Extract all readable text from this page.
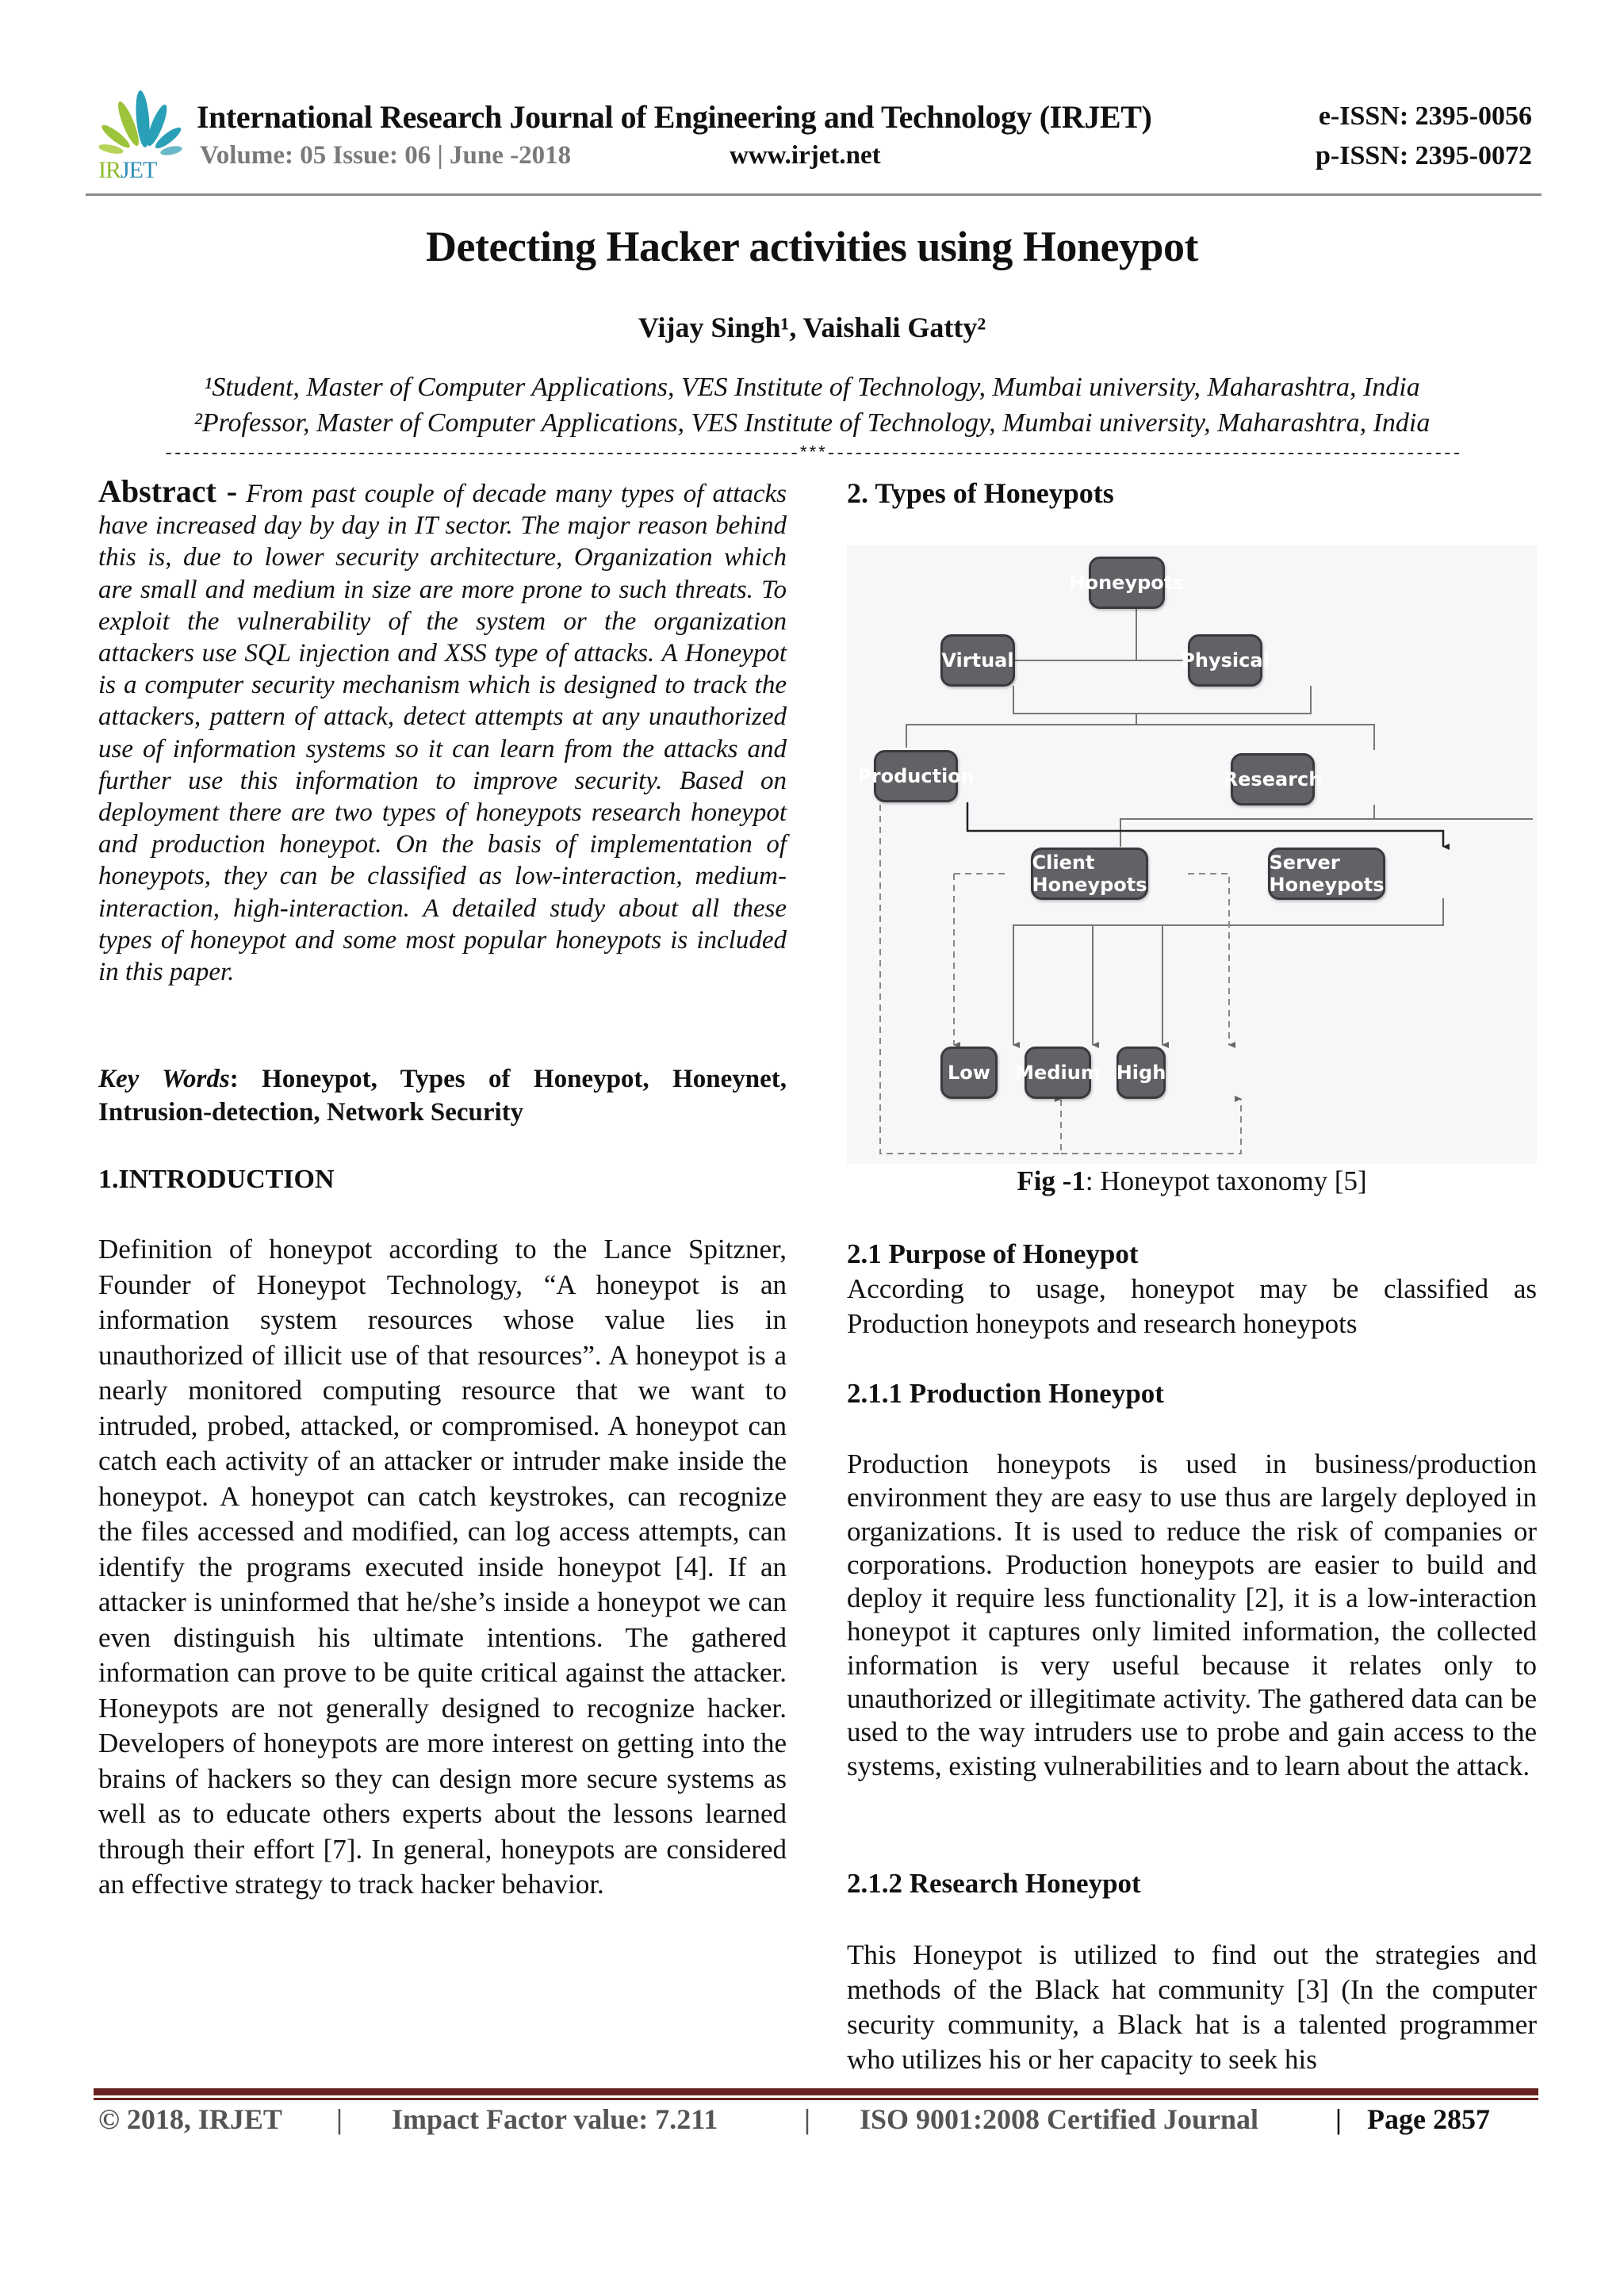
IRJET
International Research Journal of Engineering and Technology (IRJET)
Volume: 05 Issue: 06 | June -2018	www.irjet.net
e-ISSN: 2395-0056
p-ISSN: 2395-0072
Detecting Hacker activities using Honeypot
Vijay Singh¹, Vaishali Gatty²
¹Student, Master of Computer Applications, VES Institute of Technology, Mumbai university, Maharashtra, India
²Professor, Master of Computer Applications, VES Institute of Technology, Mumbai university, Maharashtra, India
---------------------------------------------------------------------***---------------------------------------------------------------------
Abstract - From past couple of decade many types of attacks have increased day by day in IT sector. The major reason behind this is, due to lower security architecture, Organization which are small and medium in size are more prone to such threats. To exploit the vulnerability of the system or the organization attackers use SQL injection and XSS type of attacks. A Honeypot is a computer security mechanism which is designed to track the attackers, pattern of attack, detect attempts at any unauthorized use of information systems so it can learn from the attacks and further use this information to improve security. Based on deployment there are two types of honeypots research honeypot and production honeypot. On the basis of implementation of honeypots, they can be classified as low-interaction, medium-interaction, high-interaction. A detailed study about all these types of honeypot and some most popular honeypots is included in this paper.
Key Words: Honeypot, Types of Honeypot, Honeynet, Intrusion-detection, Network Security
1.INTRODUCTION
Definition of honeypot according to the Lance Spitzner, Founder of Honeypot Technology, “A honeypot is an information system resources whose value lies in unauthorized of illicit use of that resources”. A honeypot is a nearly monitored computing resource that we want to intruded, probed, attacked, or compromised. A honeypot can catch each activity of an attacker or intruder make inside the honeypot. A honeypot can catch keystrokes, can recognize the files accessed and modified, can log access attempts, can identify the programs executed inside honeypot [4]. If an attacker is uninformed that he/she’s inside a honeypot we can even distinguish his ultimate intentions. The gathered information can prove to be quite critical against the attacker. Honeypots are not generally designed to recognize hacker. Developers of honeypots are more interest on getting into the brains of hackers so they can design more secure systems as well as to educate others experts about the lessons learned through their effort [7]. In general, honeypots are considered an effective strategy to track hacker behavior.
2. Types of Honeypots
Honeypots
Virtual	Physical
Production	Research
Client Honeypots
Server Honeypots
Low Medium High
Fig -1: Honeypot taxonomy [5]
2.1 Purpose of Honeypot
According to usage, honeypot may be classified as Production honeypots and research honeypots
2.1.1 Production Honeypot
Production honeypots is used in business/production environment they are easy to use thus are largely deployed in organizations. It is used to reduce the risk of companies or corporations. Production honeypots are easier to build and deploy it require less functionality [2], it is a low-interaction honeypot it captures only limited information, the collected information is very useful because it relates only to unauthorized or illegitimate activity. The gathered data can be used to the way intruders use to probe and gain access to the systems, existing vulnerabilities and to learn about the attack.
2.1.2 Research Honeypot
This Honeypot is utilized to find out the strategies and methods of the Black hat community [3] (In the computer security community, a Black hat is a talented programmer who utilizes his or her capacity to seek his
© 2018, IRJET	|	Impact Factor value: 7.211	|	ISO 9001:2008 Certified Journal	| Page 2857
